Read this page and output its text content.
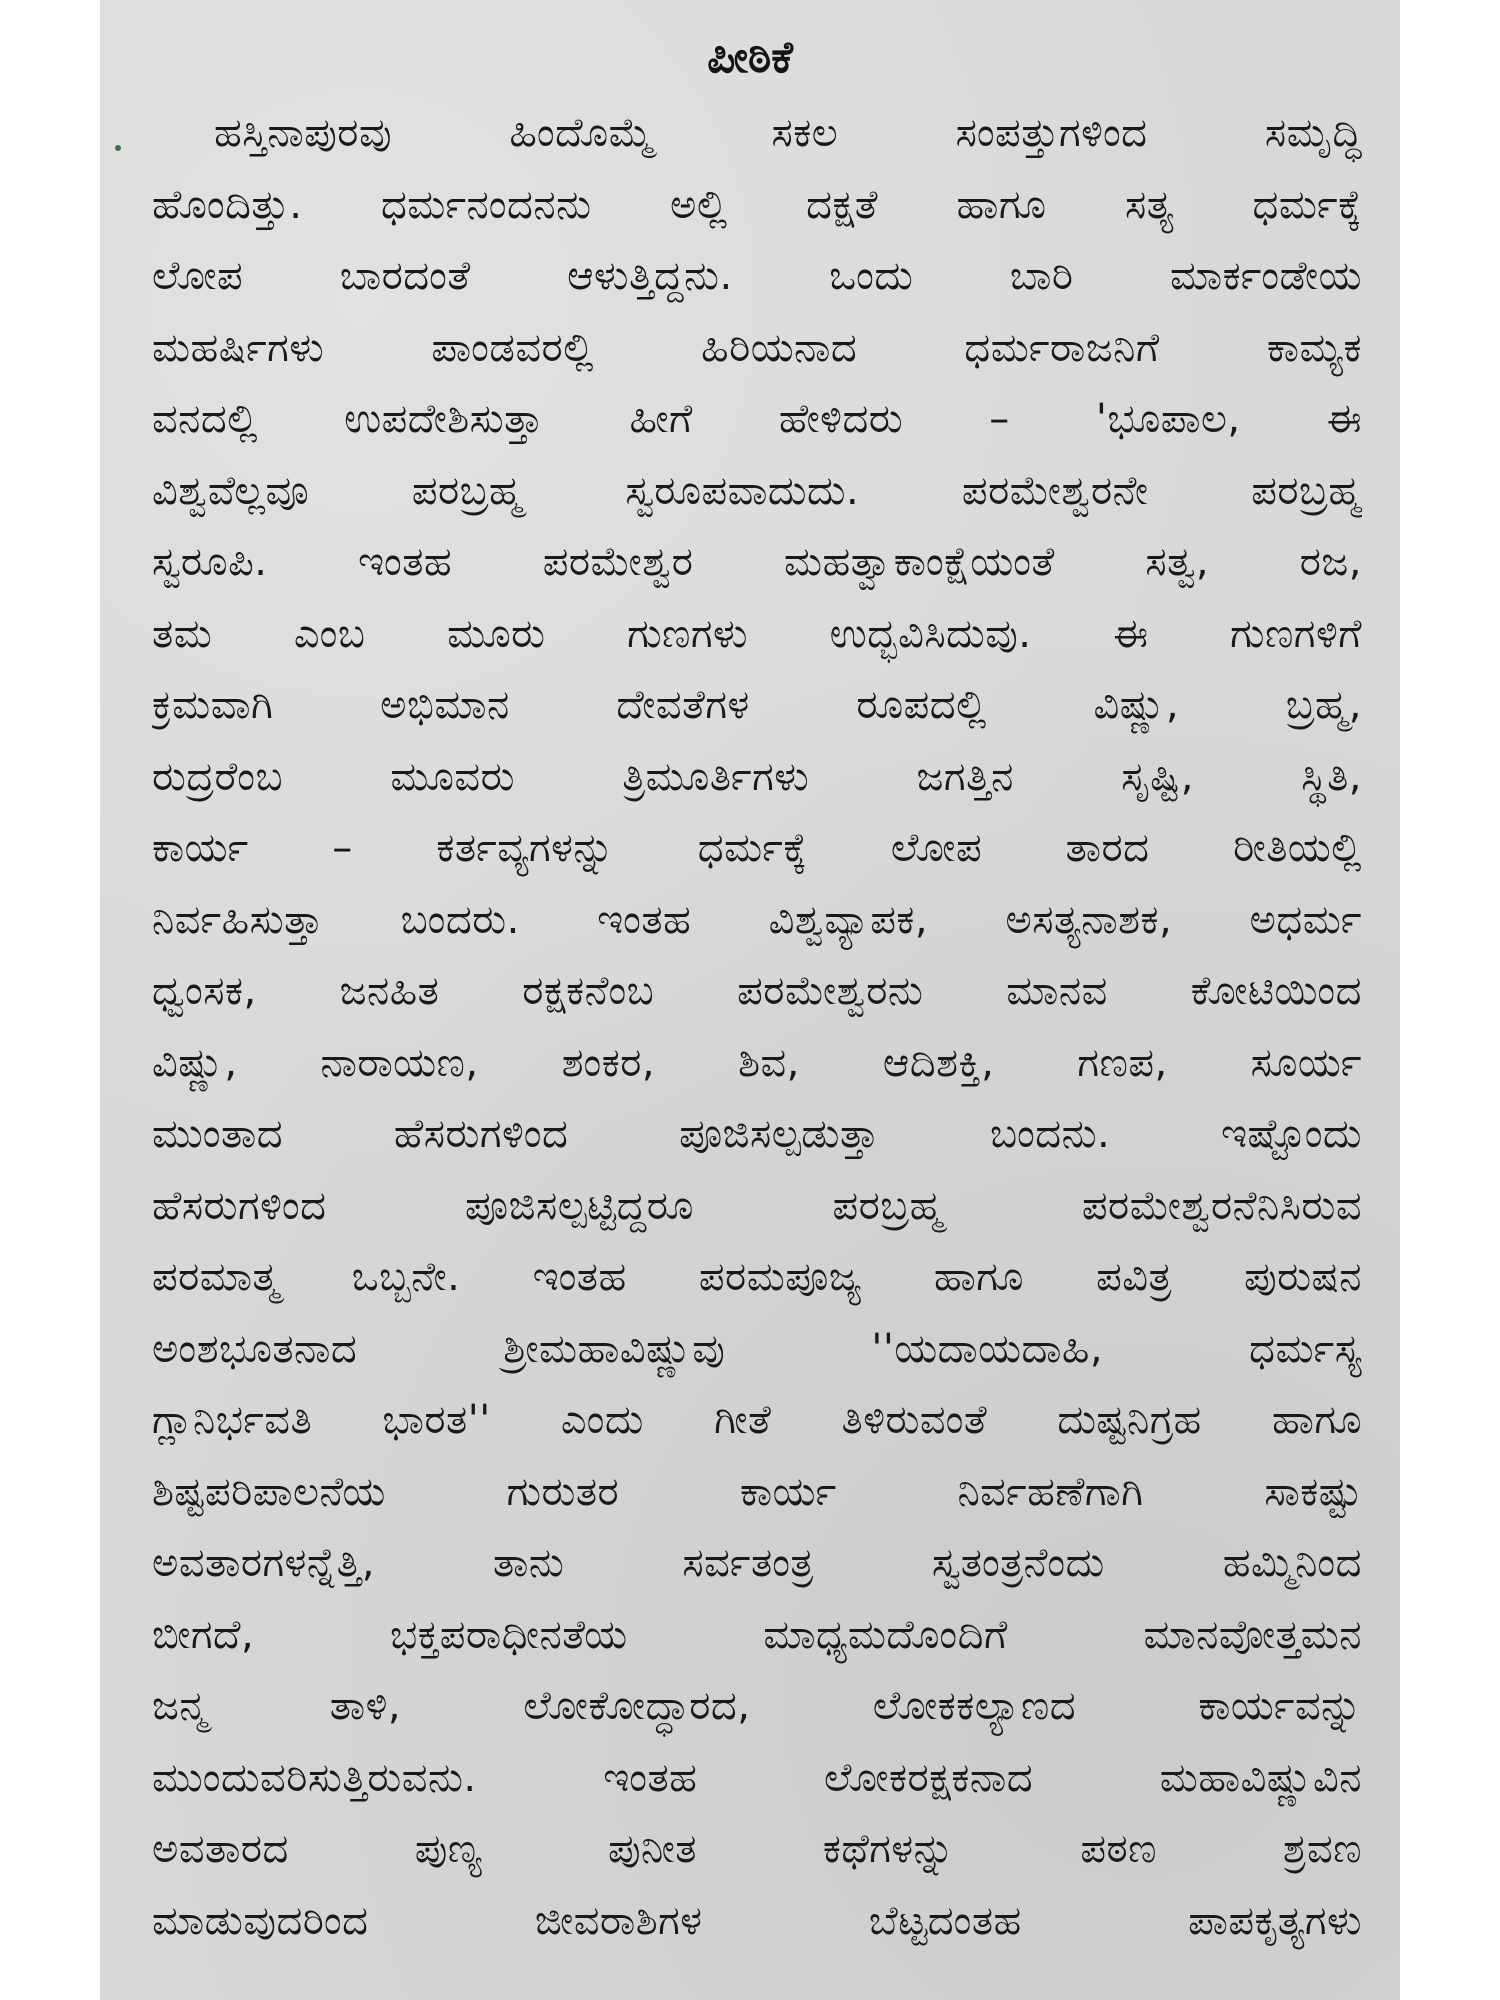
ಪೀಠಿಕೆ
ಹಸ್ತಿನಾಪುರವು ಹಿಂದೊಮ್ಮೆ ಸಕಲ ಸಂಪತ್ತುಗಳಿಂದ ಸಮೃದ್ಧಿ
ಹೊಂದಿತ್ತು. ಧರ್ಮನಂದನನು ಅಲ್ಲಿ ದಕ್ಷತೆ ಹಾಗೂ ಸತ್ಯ ಧರ್ಮಕ್ಕೆ
ಲೋಪ ಬಾರದಂತೆ ಆಳುತ್ತಿದ್ದನು. ಒಂದು ಬಾರಿ ಮಾರ್ಕಂಡೇಯ
ಮಹರ್ಷಿಗಳು ಪಾಂಡವರಲ್ಲಿ ಹಿರಿಯನಾದ ಧರ್ಮರಾಜನಿಗೆ ಕಾಮ್ಯಕ
ವನದಲ್ಲಿ ಉಪದೇಶಿಸುತ್ತಾ ಹೀಗೆ ಹೇಳಿದರು – 'ಭೂಪಾಲ, ಈ
ವಿಶ್ವವೆಲ್ಲವೂ ಪರಬ್ರಹ್ಮ ಸ್ವರೂಪವಾದುದು. ಪರಮೇಶ್ವರನೇ ಪರಬ್ರಹ್ಮ
ಸ್ವರೂಪಿ. ಇಂತಹ ಪರಮೇಶ್ವರ ಮಹತ್ವಾಕಾಂಕ್ಷೆಯಂತೆ ಸತ್ವ, ರಜ,
ತಮ ಎಂಬ ಮೂರು ಗುಣಗಳು ಉದ್ಭವಿಸಿದುವು. ಈ ಗುಣಗಳಿಗೆ
ಕ್ರಮವಾಗಿ ಅಭಿಮಾನ ದೇವತೆಗಳ ರೂಪದಲ್ಲಿ ವಿಷ್ಣು, ಬ್ರಹ್ಮ,
ರುದ್ರರೆಂಬ ಮೂವರು ತ್ರಿಮೂರ್ತಿಗಳು ಜಗತ್ತಿನ ಸೃಷ್ಟಿ, ಸ್ಥಿತಿ,
ಕಾರ್ಯ – ಕರ್ತವ್ಯಗಳನ್ನು ಧರ್ಮಕ್ಕೆ ಲೋಪ ತಾರದ ರೀತಿಯಲ್ಲಿ
ನಿರ್ವಹಿಸುತ್ತಾ ಬಂದರು. ಇಂತಹ ವಿಶ್ವವ್ಯಾಪಕ, ಅಸತ್ಯನಾಶಕ, ಅಧರ್ಮ
ಧ್ವಂಸಕ, ಜನಹಿತ ರಕ್ಷಕನೆಂಬ ಪರಮೇಶ್ವರನು ಮಾನವ ಕೋಟಿಯಿಂದ
ವಿಷ್ಣು, ನಾರಾಯಣ, ಶಂಕರ, ಶಿವ, ಆದಿಶಕ್ತಿ, ಗಣಪ, ಸೂರ್ಯ
ಮುಂತಾದ ಹೆಸರುಗಳಿಂದ ಪೂಜಿಸಲ್ಪಡುತ್ತಾ ಬಂದನು. ಇಷ್ಟೊಂದು
ಹೆಸರುಗಳಿಂದ ಪೂಜಿಸಲ್ಪಟ್ಟಿದ್ದರೂ ಪರಬ್ರಹ್ಮ ಪರಮೇಶ್ವರನೆನಿಸಿರುವ
ಪರಮಾತ್ಮ ಒಬ್ಬನೇ. ಇಂತಹ ಪರಮಪೂಜ್ಯ ಹಾಗೂ ಪವಿತ್ರ ಪುರುಷನ
ಅಂಶಭೂತನಾದ ಶ್ರೀಮಹಾವಿಷ್ಣುವು ''ಯದಾಯದಾಹಿ, ಧರ್ಮಸ್ಯ
ಗ್ಲಾನಿರ್ಭವತಿ ಭಾರತ'' ಎಂದು ಗೀತೆ ತಿಳಿರುವಂತೆ ದುಷ್ಟನಿಗ್ರಹ ಹಾಗೂ
ಶಿಷ್ಟಪರಿಪಾಲನೆಯ ಗುರುತರ ಕಾರ್ಯ ನಿರ್ವಹಣೆಗಾಗಿ ಸಾಕಷ್ಟು
ಅವತಾರಗಳನ್ನೆತ್ತಿ, ತಾನು ಸರ್ವತಂತ್ರ ಸ್ವತಂತ್ರನೆಂದು ಹಮ್ಮಿನಿಂದ
ಬೀಗದೆ, ಭಕ್ತಪರಾಧೀನತೆಯ ಮಾಧ್ಯಮದೊಂದಿಗೆ ಮಾನವೋತ್ತಮನ
ಜನ್ಮ ತಾಳಿ, ಲೋಕೋದ್ಧಾರದ, ಲೋಕಕಲ್ಯಾಣದ ಕಾರ್ಯವನ್ನು
ಮುಂದುವರಿಸುತ್ತಿರುವನು. ಇಂತಹ ಲೋಕರಕ್ಷಕನಾದ ಮಹಾವಿಷ್ಣುವಿನ
ಅವತಾರದ ಪುಣ್ಯ ಪುನೀತ ಕಥೆಗಳನ್ನು ಪಠಣ ಶ್ರವಣ
ಮಾಡುವುದರಿಂದ ಜೀವರಾಶಿಗಳ ಬೆಟ್ಟದಂತಹ ಪಾಪಕೃತ್ಯಗಳು
